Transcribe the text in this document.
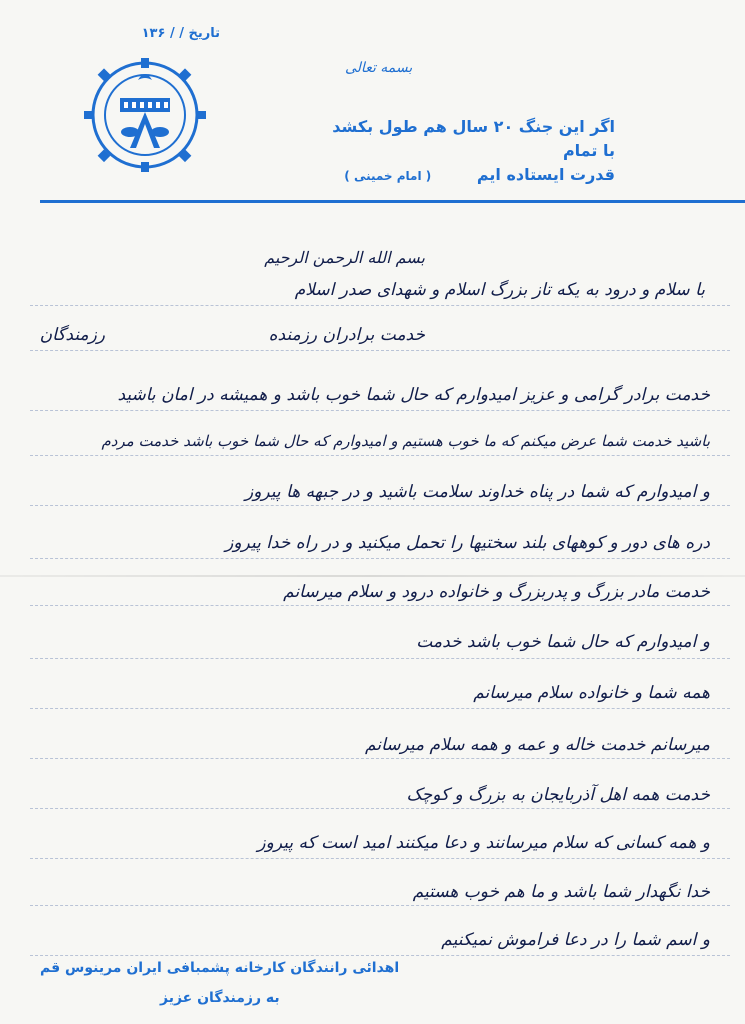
تاریخ / / ۱۳۶
بسمه تعالی
اگر این جنگ ۲۰ سال هم طول بکشد با تمام
قدرت ایستاده ایم ( امام خمینی )
بسم الله الرحمن الرحیم
با سلام و درود به یکه تاز بزرگ اسلام و شهدای صدر اسلام
رزمندگان	خدمت برادران رزمنده
خدمت برادر گرامی و عزیز امیدوارم که حال شما خوب باشد و همیشه در امان باشید
باشید خدمت شما عرض میکنم که ما خوب هستیم و امیدوارم که حال شما خوب باشد خدمت مردم
و امیدوارم که شما در پناه خداوند سلامت باشید و در جبهه ها پیروز
دره های دور و کوههای بلند سختیها را تحمل میکنید و در راه خدا پیروز
خدمت مادر بزرگ و پدربزرگ و خانواده درود و سلام میرسانم
و امیدوارم که حال شما خوب باشد خدمت
همه شما و خانواده سلام میرسانم
میرسانم خدمت خاله و عمه و همه سلام میرسانم
خدمت همه اهل آذربایجان به بزرگ و کوچک
و همه کسانی که سلام میرسانند و دعا میکنند امید است که پیروز
خدا نگهدار شما باشد و ما هم خوب هستیم
و اسم شما را در دعا فراموش نمیکنیم
اهدائی رانندگان کارخانه پشمبافی ایران مرینوس قم
به رزمندگان عزیز
